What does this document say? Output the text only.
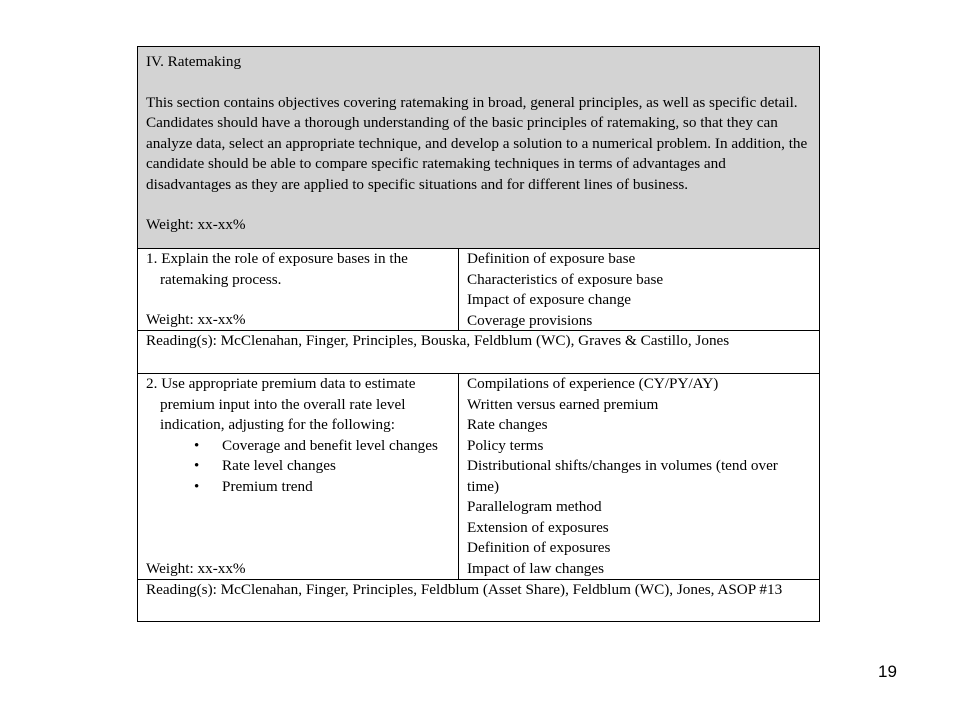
IV. Ratemaking

This section contains objectives covering ratemaking in broad, general principles, as well as specific detail. Candidates should have a thorough understanding of the basic principles of ratemaking, so that they can analyze data, select an appropriate technique, and develop a solution to a numerical problem. In addition, the candidate should be able to compare specific ratemaking techniques in terms of advantages and disadvantages as they are applied to specific situations and for different lines of business.

Weight: xx-xx%

1. Explain the role of exposure bases in the ratemaking process.

Weight: xx-xx%

Definition of exposure base

Characteristics of exposure base

Impact of exposure change

Coverage provisions

Reading(s): McClenahan, Finger, Principles, Bouska, Feldblum (WC), Graves & Castillo, Jones

2. Use appropriate premium data to estimate premium input into the overall rate level indication, adjusting for the following:

• Coverage and benefit level changes
• Rate level changes
• Premium trend

Weight: xx-xx%

Compilations of experience (CY/PY/AY)

Written versus earned premium

Rate changes

Policy terms

Distributional shifts/changes in volumes (tend over time)

Parallelogram method

Extension of exposures

Definition of exposures

Impact of law changes

Reading(s): McClenahan, Finger, Principles, Feldblum (Asset Share), Feldblum (WC), Jones, ASOP #13

19
